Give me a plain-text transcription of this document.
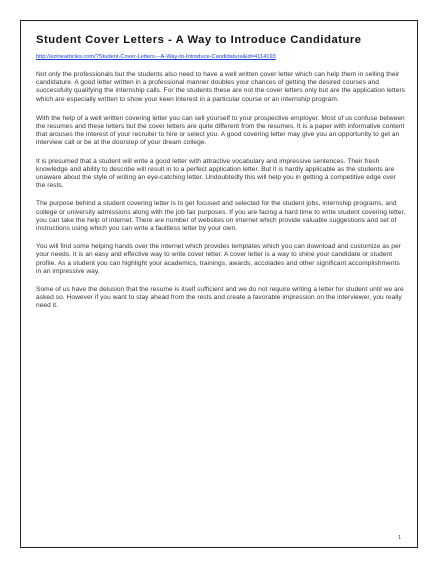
Student Cover Letters - A Way to Introduce Candidature
http://ezinearticles.com/?Student-Cover-Letters---A-Way-to-Introduce-Candidature&id=4114193

Not only the professionals but the students also need to have a well written cover letter which can help them in selling their candidature. A good letter written in a professional manner doubles your chances of getting the desired courses and successfully qualifying the internship calls. For the students these are not the cover letters only but are the application letters which are especially written to show your keen interest in a particular course or an internship program.

With the help of a well written covering letter you can sell yourself to your prospective employer. Most of us confuse between the resumes and these letters but the cover letters are quite different from the resumes. It is a paper with informative content that arouses the interest of your recruiter to hire or select you. A good covering letter may give you an opportunity to get an interview call or be at the doorstep of your dream college.

It is presumed that a student will write a good letter with attractive vocabulary and impressive sentences. Their fresh knowledge and ability to describe will result in to a perfect application letter. But it is hardly applicable as the students are unaware about the style of writing an eye-catching letter. Undoubtedly this will help you in getting a competitive edge over the rests.

The purpose behind a student covering letter is to get focused and selected for the student jobs, internship programs, and college or university admissions along with the job fair purposes. If you are facing a hard time to write student covering letter, you can take the help of internet. There are number of websites on internet which provide valuable suggestions and set of instructions using which you can write a faultless letter by your own.

You will find some helping hands over the internet which provides templates which you can download and customize as per your needs. It is an easy and effective way to write cover letter. A cover letter is a way to shine your candidate or student profile. As a student you can highlight your academics, trainings, awards, accolades and other significant accomplishments in an impressive way.

Some of us have the delusion that the resume is itself sufficient and we do not require writing a letter for student until we are asked so. However if you want to stay ahead from the rests and create a favorable impression on the interviewer, you really need it.

1
